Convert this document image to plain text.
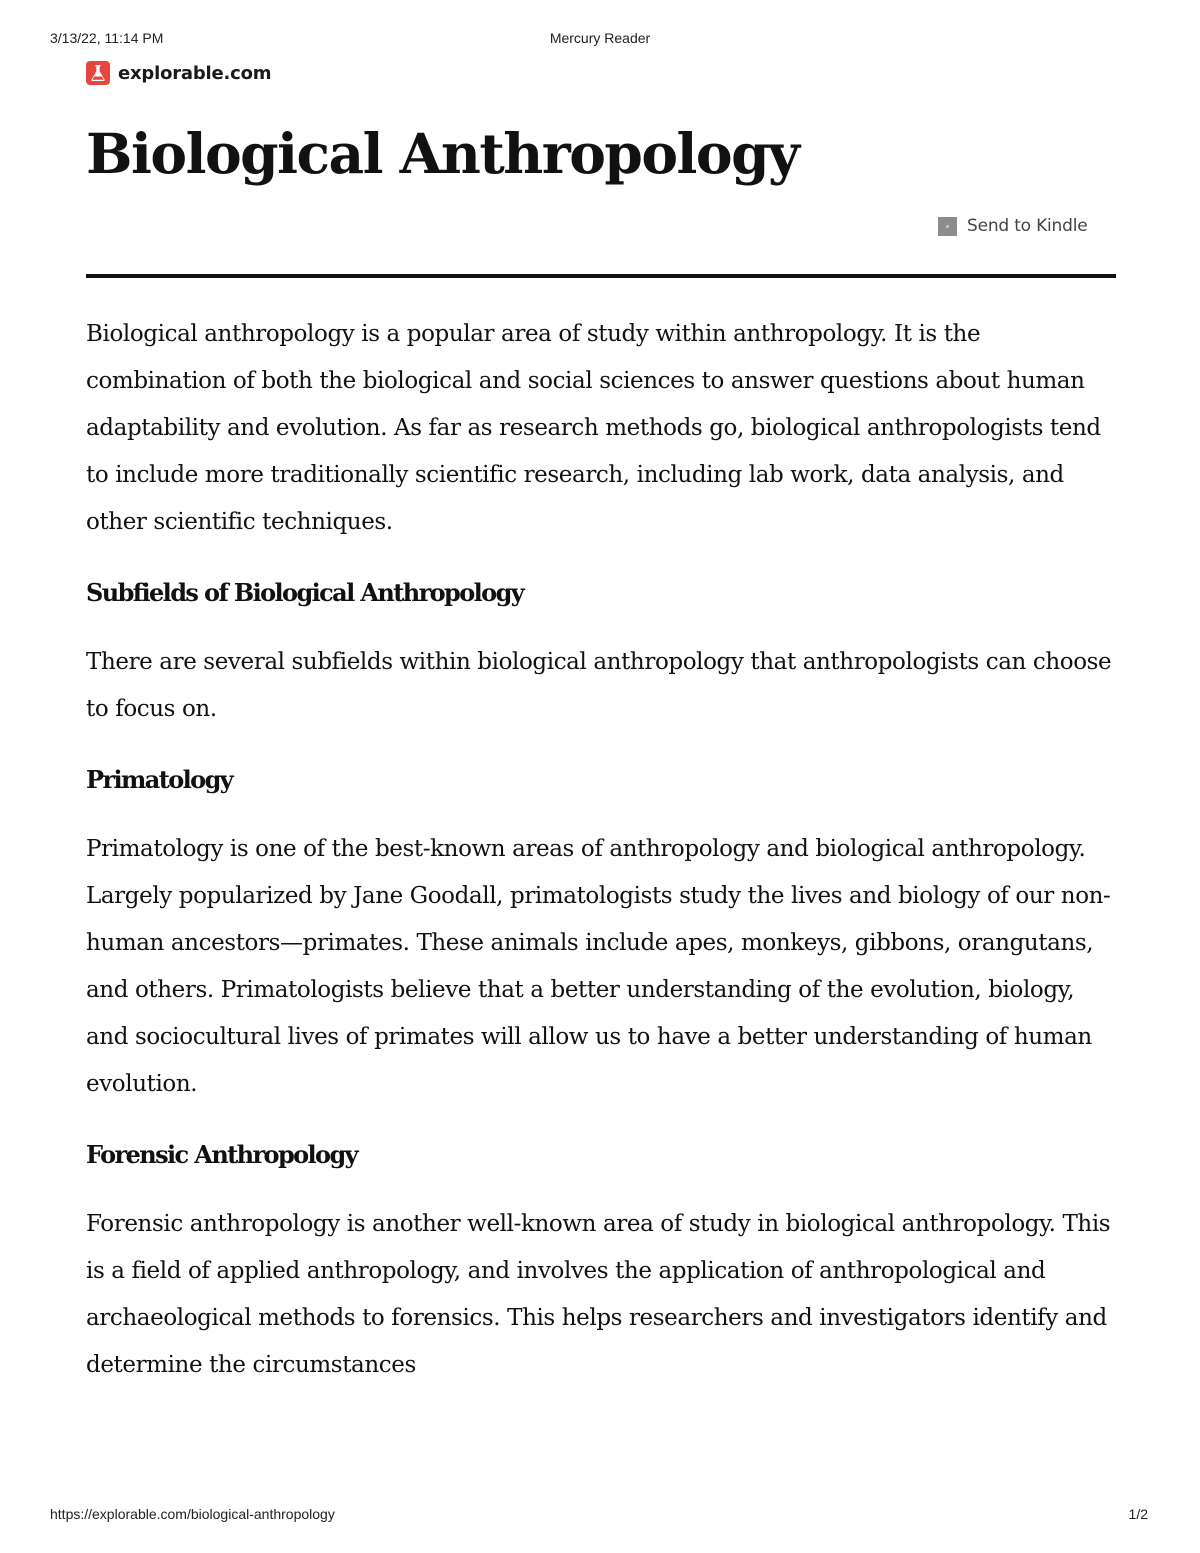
3/13/22, 11:14 PM	Mercury Reader
explorable.com
Biological Anthropology
Send to Kindle

Biological anthropology is a popular area of study within anthropology. It is the combination of both the biological and social sciences to answer questions about human adaptability and evolution. As far as research methods go, biological anthropologists tend to include more traditionally scientific research, including lab work, data analysis, and other scientific techniques.

Subfields of Biological Anthropology

There are several subfields within biological anthropology that anthropologists can choose to focus on.

Primatology

Primatology is one of the best-known areas of anthropology and biological anthropology. Largely popularized by Jane Goodall, primatologists study the lives and biology of our non-human ancestors—primates. These animals include apes, monkeys, gibbons, orangutans, and others. Primatologists believe that a better understanding of the evolution, biology, and sociocultural lives of primates will allow us to have a better understanding of human evolution.

Forensic Anthropology

Forensic anthropology is another well-known area of study in biological anthropology. This is a field of applied anthropology, and involves the application of anthropological and archaeological methods to forensics. This helps researchers and investigators identify and determine the circumstances

https://explorable.com/biological-anthropology	1/2
